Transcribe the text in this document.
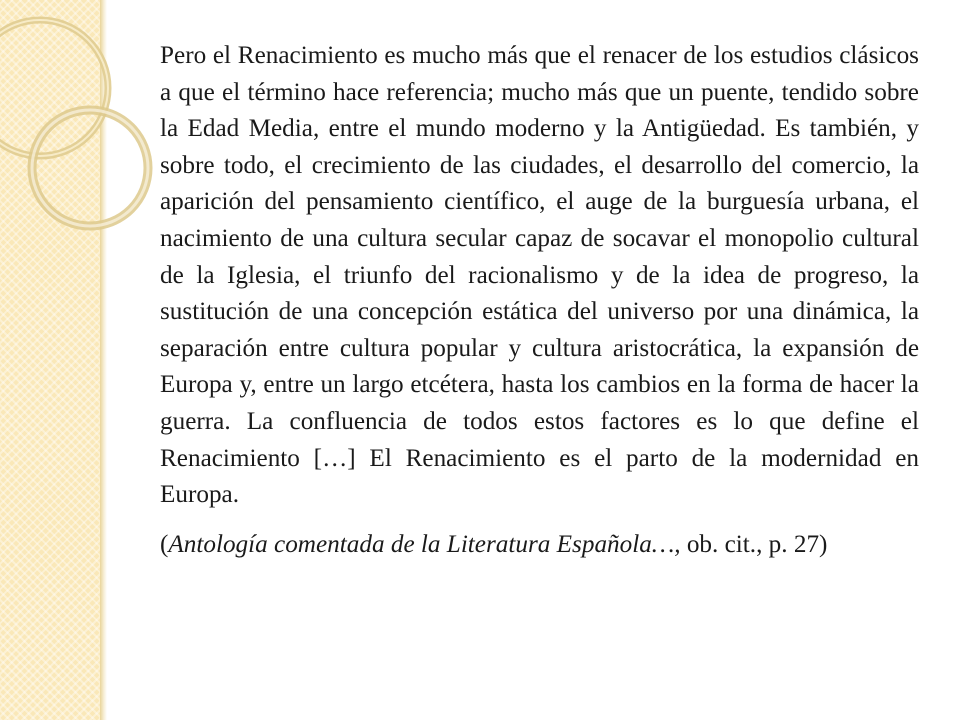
Pero el Renacimiento es mucho más que el renacer de los estudios clásicos a que el término hace referencia; mucho más que un puente, tendido sobre la Edad Media, entre el mundo moderno y la Antigüedad. Es también, y sobre todo, el crecimiento de las ciudades, el desarrollo del comercio, la aparición del pensamiento científico, el auge de la burguesía urbana, el nacimiento de una cultura secular capaz de socavar el monopolio cultural de la Iglesia, el triunfo del racionalismo y de la idea de progreso, la sustitución de una concepción estática del universo por una dinámica, la separación entre cultura popular y cultura aristocrática, la expansión de Europa y, entre un largo etcétera, hasta los cambios en la forma de hacer la guerra. La confluencia de todos estos factores es lo que define el Renacimiento […] El Renacimiento es el parto de la modernidad en Europa.

(Antología comentada de la Literatura Española…, ob. cit., p. 27)
